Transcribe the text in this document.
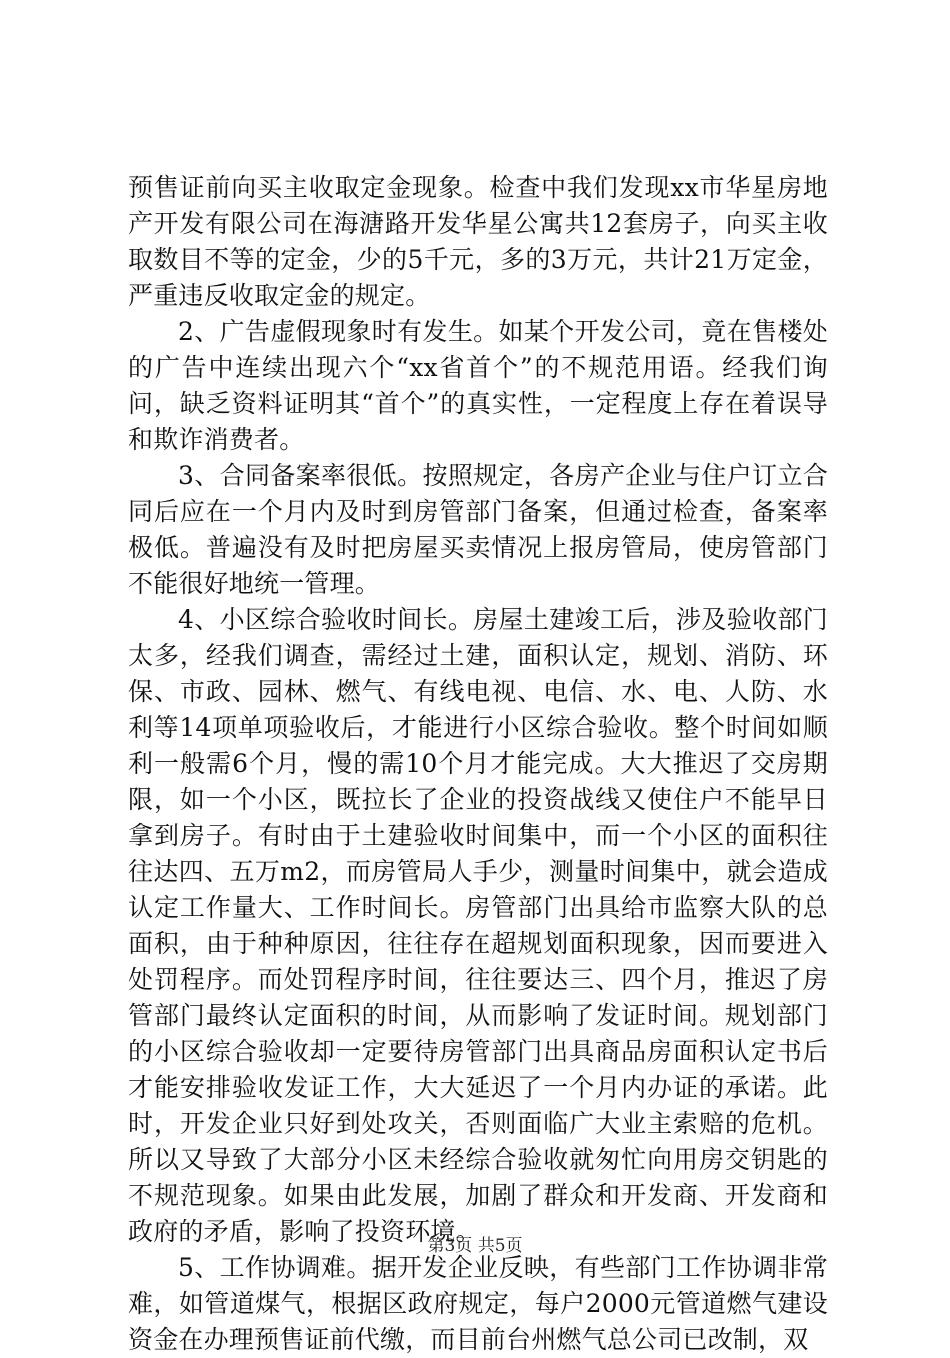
预售证前向买主收取定金现象。检查中我们发现xx市华星房地产开发有限公司在海溏路开发华星公寓共12套房子，向买主收取数目不等的定金，少的5千元，多的3万元，共计21万定金，严重违反收取定金的规定。

2、广告虚假现象时有发生。如某个开发公司，竟在售楼处的广告中连续出现六个“xx省首个”的不规范用语。经我们询问，缺乏资料证明其“首个”的真实性，一定程度上存在着误导和欺诈消费者。

3、合同备案率很低。按照规定，各房产企业与住户订立合同后应在一个月内及时到房管部门备案，但通过检查，备案率极低。普遍没有及时把房屋买卖情况上报房管局，使房管部门不能很好地统一管理。

4、小区综合验收时间长。房屋土建竣工后，涉及验收部门太多，经我们调查，需经过土建，面积认定，规划、消防、环保、市政、园林、燃气、有线电视、电信、水、电、人防、水利等14项单项验收后，才能进行小区综合验收。整个时间如顺利一般需6个月，慢的需10个月才能完成。大大推迟了交房期限，如一个小区，既拉长了企业的投资战线又使住户不能早日拿到房子。有时由于土建验收时间集中，而一个小区的面积往往达四、五万m2，而房管局人手少，测量时间集中，就会造成认定工作量大、工作时间长。房管部门出具给市监察大队的总面积，由于种种原因，往往存在超规划面积现象，因而要进入处罚程序。而处罚程序时间，往往要达三、四个月，推迟了房管部门最终认定面积的时间，从而影响了发证时间。规划部门的小区综合验收却一定要待房管部门出具商品房面积认定书后才能安排验收发证工作，大大延迟了一个月内办证的承诺。此时，开发企业只好到处攻关，否则面临广大业主索赔的危机。所以又导致了大部分小区未经综合验收就匆忙向用房交钥匙的不规范现象。如果由此发展，加剧了群众和开发商、开发商和政府的矛盾，影响了投资环境。

5、工作协调难。据开发企业反映，有些部门工作协调非常难，如管道煤气，根据区政府规定，每户2000元管道燃气建设资金在办理预售证前代缴，而目前台州燃气总公司已改制，双

第3页 共5页
